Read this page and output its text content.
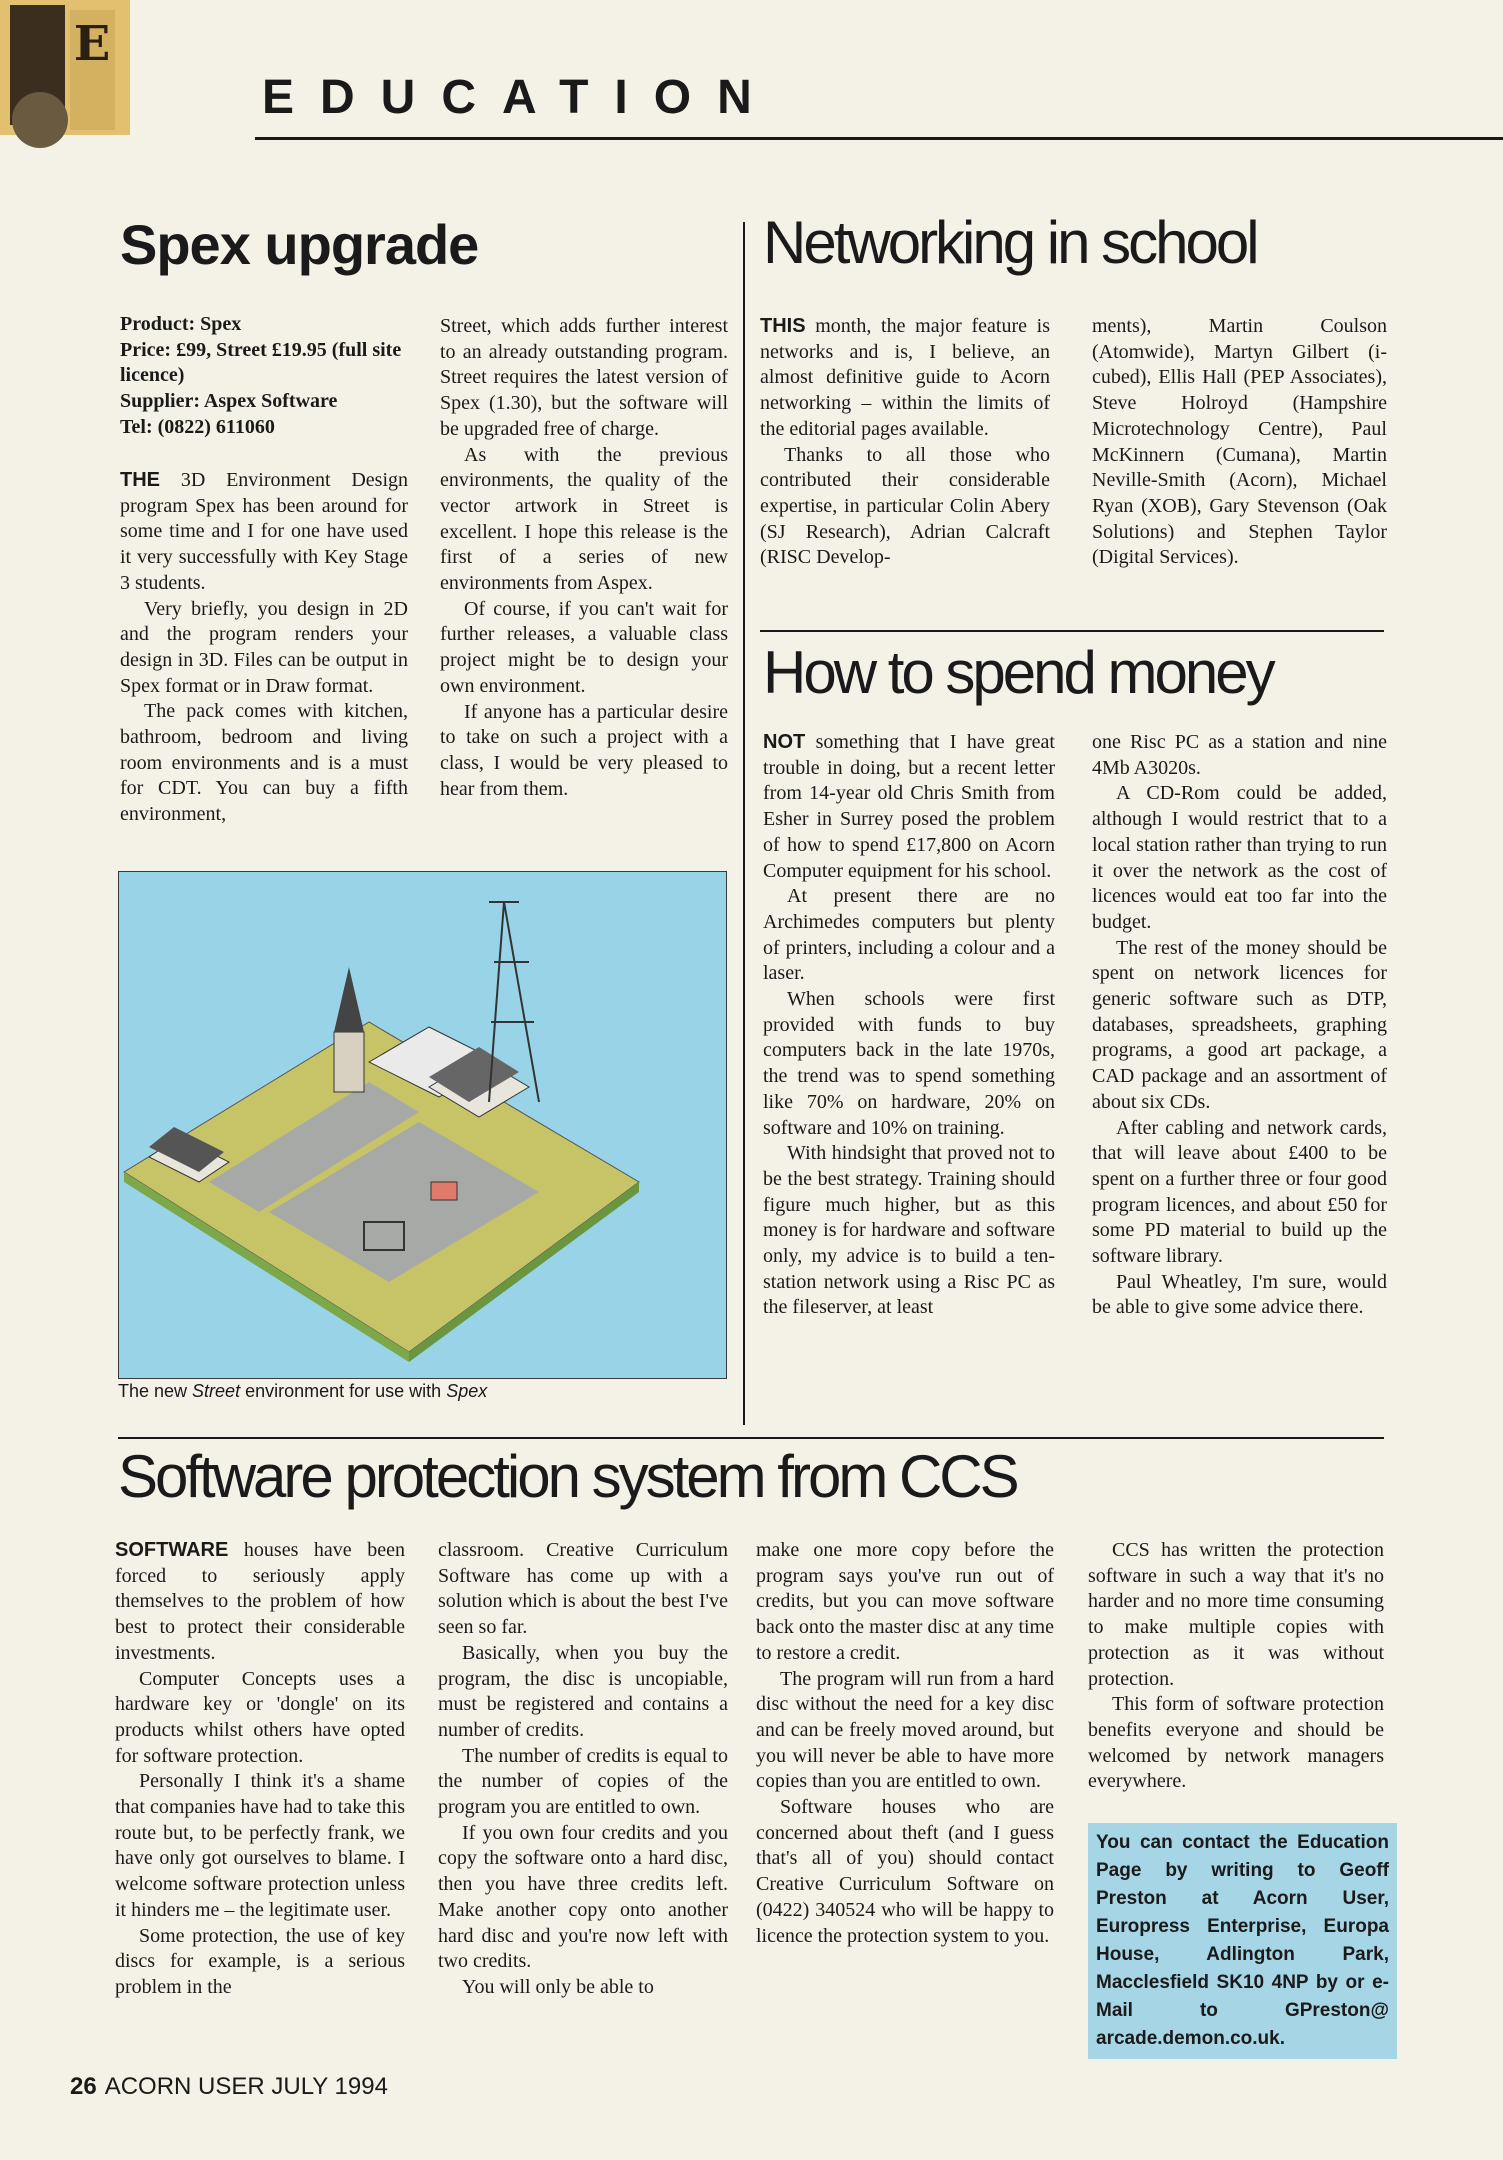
E
EDUCATION
Spex upgrade
Product: Spex
Price: £99, Street £19.95 (full site licence)
Supplier: Aspex Software
Tel: (0822) 611060

THE 3D Environment Design program Spex has been around for some time and I for one have used it very successfully with Key Stage 3 students.

Very briefly, you design in 2D and the program renders your design in 3D. Files can be output in Spex format or in Draw format.

The pack comes with kitchen, bathroom, bedroom and living room environments and is a must for CDT. You can buy a fifth environment,

Street, which adds further interest to an already outstanding program. Street requires the latest version of Spex (1.30), but the software will be upgraded free of charge.

As with the previous environments, the quality of the vector artwork in Street is excellent. I hope this release is the first of a series of new environments from Aspex.

Of course, if you can't wait for further releases, a valuable class project might be to design your own environment.

If anyone has a particular desire to take on such a project with a class, I would be very pleased to hear from them.

The new Street environment for use with Spex
Networking in school

THIS month, the major feature is networks and is, I believe, an almost definitive guide to Acorn networking – within the limits of the editorial pages available.

Thanks to all those who contributed their considerable expertise, in particular Colin Abery (SJ Research), Adrian Calcraft (RISC Develop-

ments), Martin Coulson (Atomwide), Martyn Gilbert (i-cubed), Ellis Hall (PEP Associates), Steve Holroyd (Hampshire Microtechnology Centre), Paul McKinnern (Cumana), Martin Neville-Smith (Acorn), Michael Ryan (XOB), Gary Stevenson (Oak Solutions) and Stephen Taylor (Digital Services).

How to spend money

NOT something that I have great trouble in doing, but a recent letter from 14-year old Chris Smith from Esher in Surrey posed the problem of how to spend £17,800 on Acorn Computer equipment for his school.

At present there are no Archimedes computers but plenty of printers, including a colour and a laser.

When schools were first provided with funds to buy computers back in the late 1970s, the trend was to spend something like 70% on hardware, 20% on software and 10% on training.

With hindsight that proved not to be the best strategy. Training should figure much higher, but as this money is for hardware and software only, my advice is to build a ten-station network using a Risc PC as the fileserver, at least

one Risc PC as a station and nine 4Mb A3020s.

A CD-Rom could be added, although I would restrict that to a local station rather than trying to run it over the network as the cost of licences would eat too far into the budget.

The rest of the money should be spent on network licences for generic software such as DTP, databases, spreadsheets, graphing programs, a good art package, a CAD package and an assortment of about six CDs.

After cabling and network cards, that will leave about £400 to be spent on a further three or four good program licences, and about £50 for some PD material to build up the software library.

Paul Wheatley, I'm sure, would be able to give some advice there.

Software protection system from CCS

SOFTWARE houses have been forced to seriously apply themselves to the problem of how best to protect their considerable investments.

Computer Concepts uses a hardware key or 'dongle' on its products whilst others have opted for software protection.

Personally I think it's a shame that companies have had to take this route but, to be perfectly frank, we have only got ourselves to blame. I welcome software protection unless it hinders me – the legitimate user.

Some protection, the use of key discs for example, is a serious problem in the

classroom. Creative Curriculum Software has come up with a solution which is about the best I've seen so far.

Basically, when you buy the program, the disc is uncopiable, must be registered and contains a number of credits.

The number of credits is equal to the number of copies of the program you are entitled to own.

If you own four credits and you copy the software onto a hard disc, then you have three credits left. Make another copy onto another hard disc and you're now left with two credits.

You will only be able to

make one more copy before the program says you've run out of credits, but you can move software back onto the master disc at any time to restore a credit.

The program will run from a hard disc without the need for a key disc and can be freely moved around, but you will never be able to have more copies than you are entitled to own.

Software houses who are concerned about theft (and I guess that's all of you) should contact Creative Curriculum Software on (0422) 340524 who will be happy to licence the protection system to you.

CCS has written the protection software in such a way that it's no harder and no more time consuming to make multiple copies with protection as it was without protection.

This form of software protection benefits everyone and should be welcomed by network managers everywhere.

You can contact the Education Page by writing to Geoff Preston at Acorn User, Europress Enterprise, Europa House, Adlington Park, Macclesfield SK10 4NP by or e-Mail to GPreston@ arcade.demon.co.uk.
26 ACORN USER JULY 1994
